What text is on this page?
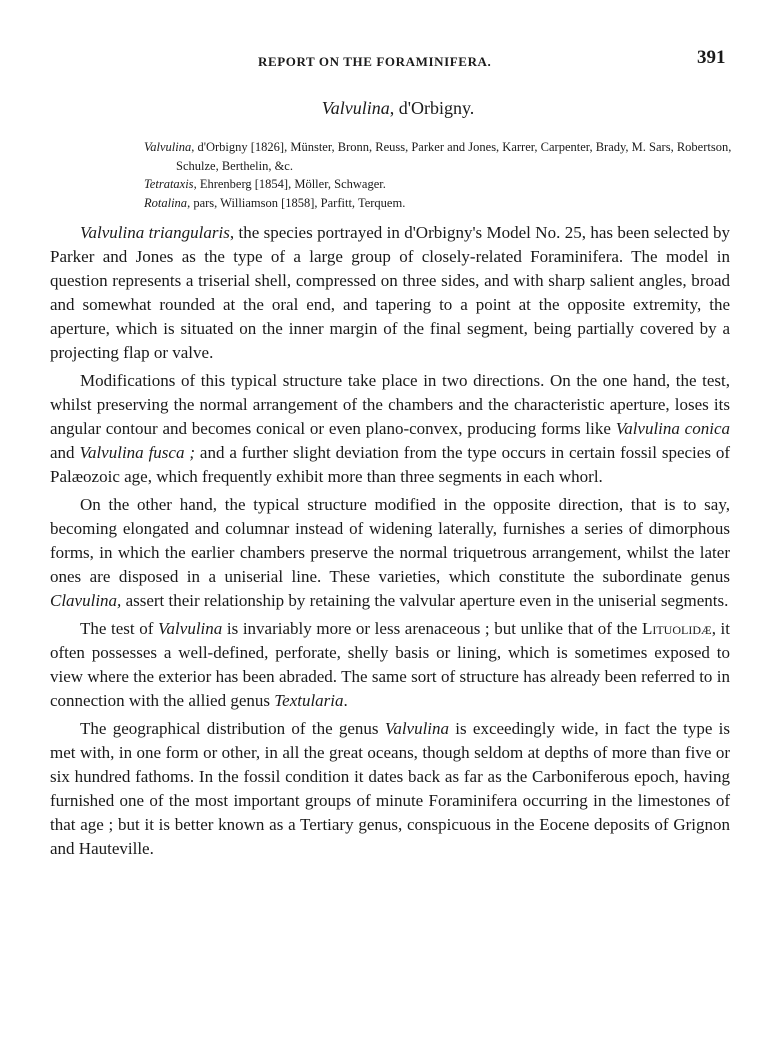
REPORT ON THE FORAMINIFERA.	391
Valvulina, d'Orbigny.

Valvulina, d'Orbigny [1826], Münster, Bronn, Reuss, Parker and Jones, Karrer, Carpenter, Brady, M. Sars, Robertson, Schulze, Berthelin, &c.

Tetrataxis, Ehrenberg [1854], Möller, Schwager.

Rotalina, pars, Williamson [1858], Parfitt, Terquem.

Valvulina triangularis, the species portrayed in d'Orbigny's Model No. 25, has been selected by Parker and Jones as the type of a large group of closely-related Foraminifera. The model in question represents a triserial shell, compressed on three sides, and with sharp salient angles, broad and somewhat rounded at the oral end, and tapering to a point at the opposite extremity, the aperture, which is situated on the inner margin of the final segment, being partially covered by a projecting flap or valve.

Modifications of this typical structure take place in two directions. On the one hand, the test, whilst preserving the normal arrangement of the chambers and the characteristic aperture, loses its angular contour and becomes conical or even plano-convex, producing forms like Valvulina conica and Valvulina fusca ; and a further slight deviation from the type occurs in certain fossil species of Palæozoic age, which frequently exhibit more than three segments in each whorl.

On the other hand, the typical structure modified in the opposite direction, that is to say, becoming elongated and columnar instead of widening laterally, furnishes a series of dimorphous forms, in which the earlier chambers preserve the normal triquetrous arrangement, whilst the later ones are disposed in a uniserial line. These varieties, which constitute the subordinate genus Clavulina, assert their relationship by retaining the valvular aperture even in the uniserial segments.

The test of Valvulina is invariably more or less arenaceous ; but unlike that of the Lituolidæ, it often possesses a well-defined, perforate, shelly basis or lining, which is sometimes exposed to view where the exterior has been abraded. The same sort of structure has already been referred to in connection with the allied genus Textularia.

The geographical distribution of the genus Valvulina is exceedingly wide, in fact the type is met with, in one form or other, in all the great oceans, though seldom at depths of more than five or six hundred fathoms. In the fossil condition it dates back as far as the Carboniferous epoch, having furnished one of the most important groups of minute Foraminifera occurring in the limestones of that age ; but it is better known as a Tertiary genus, conspicuous in the Eocene deposits of Grignon and Hauteville.
